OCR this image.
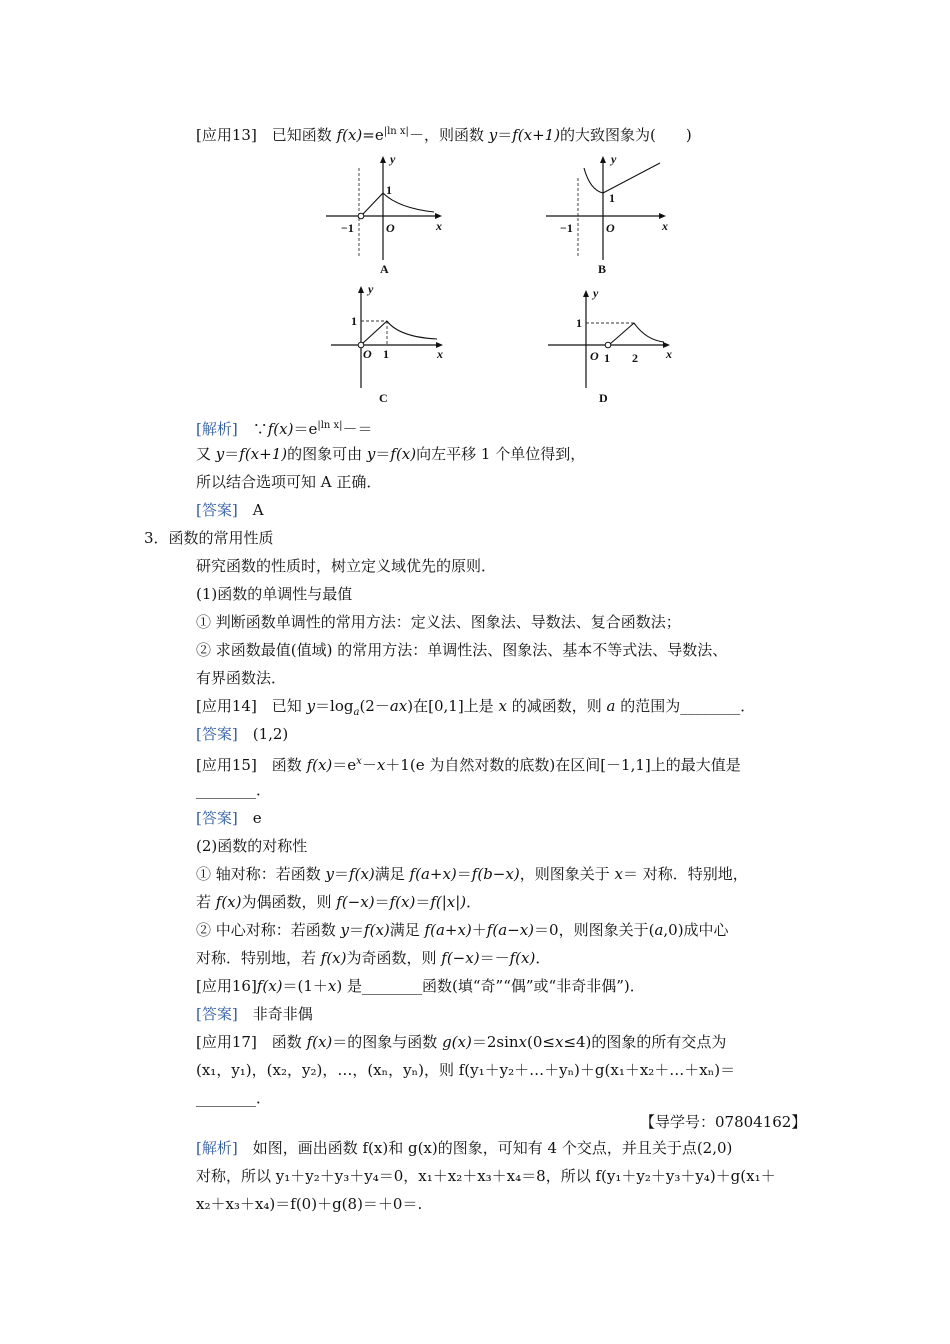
[应用13]　已知函数 $f(x)=e^{|ln x|}-$，则函数 y＝f(x+1)的大致图象为(　　)
y
x
1
−1	O
A
y
x
1
−1	O
B
y
x
1
1
O
C
y
x
1
1 2
O
D
[解析]　$\because f(x)=e^{|ln x|}-=$
又 y＝f(x+1)的图象可由 y＝f(x)向左平移 1 个单位得到，
所以结合选项可知 A 正确．
[答案]　A
3．函数的常用性质
研究函数的性质时，树立定义域优先的原则．
(1)函数的单调性与最值
① 判断函数单调性的常用方法：定义法、图象法、导数法、复合函数法；
② 求函数最值(值域) 的常用方法：单调性法、图象法、基本不等式法、导数法、
有界函数法．
[应用14]　已知 $y=\log_a(2-ax)$在[0,1]上是 x 的减函数，则 a 的范围为________．
[答案]　(1,2)
[应用15]　函数 $f(x)=e^x-x+1(e$ 为自然对数的底数)在区间[－1,1]上的最大值是
________．
[答案]　e
(2)函数的对称性
① 轴对称：若函数 y＝f(x)满足 f(a+x)＝f(b−x)，则图象关于 x＝ 对称．特别地，
若 f(x)为偶函数，则 f(−x)＝f(x)＝f(|x|)．
② 中心对称：若函数 y＝f(x)满足 f(a+x)＋f(a−x)＝0，则图象关于(a,0)成中心
对称．特别地，若 f(x)为奇函数，则 f(−x)＝－f(x)．
[应用16]f(x)＝(1＋x) 是________函数(填“奇”“偶”或“非奇非偶”)．
[答案]　非奇非偶
[应用17]　函数 f(x)＝的图象与函数 g(x)＝2sinx(0≤x≤4)的图象的所有交点为
(x₁，y₁)，(x₂，y₂)，…，(xₙ，yₙ)，则 f(y₁＋y₂＋…＋yₙ)＋g(x₁＋x₂＋…＋xₙ)＝
________．
【导学号：07804162】
[解析]　如图，画出函数 f(x)和 g(x)的图象，可知有 4 个交点，并且关于点(2,0)
对称，所以 y₁＋y₂＋y₃＋y₄＝0，x₁＋x₂＋x₃＋x₄＝8，所以 f(y₁＋y₂＋y₃＋y₄)＋g(x₁＋
x₂＋x₃＋x₄)＝f(0)＋g(8)＝＋0＝.
